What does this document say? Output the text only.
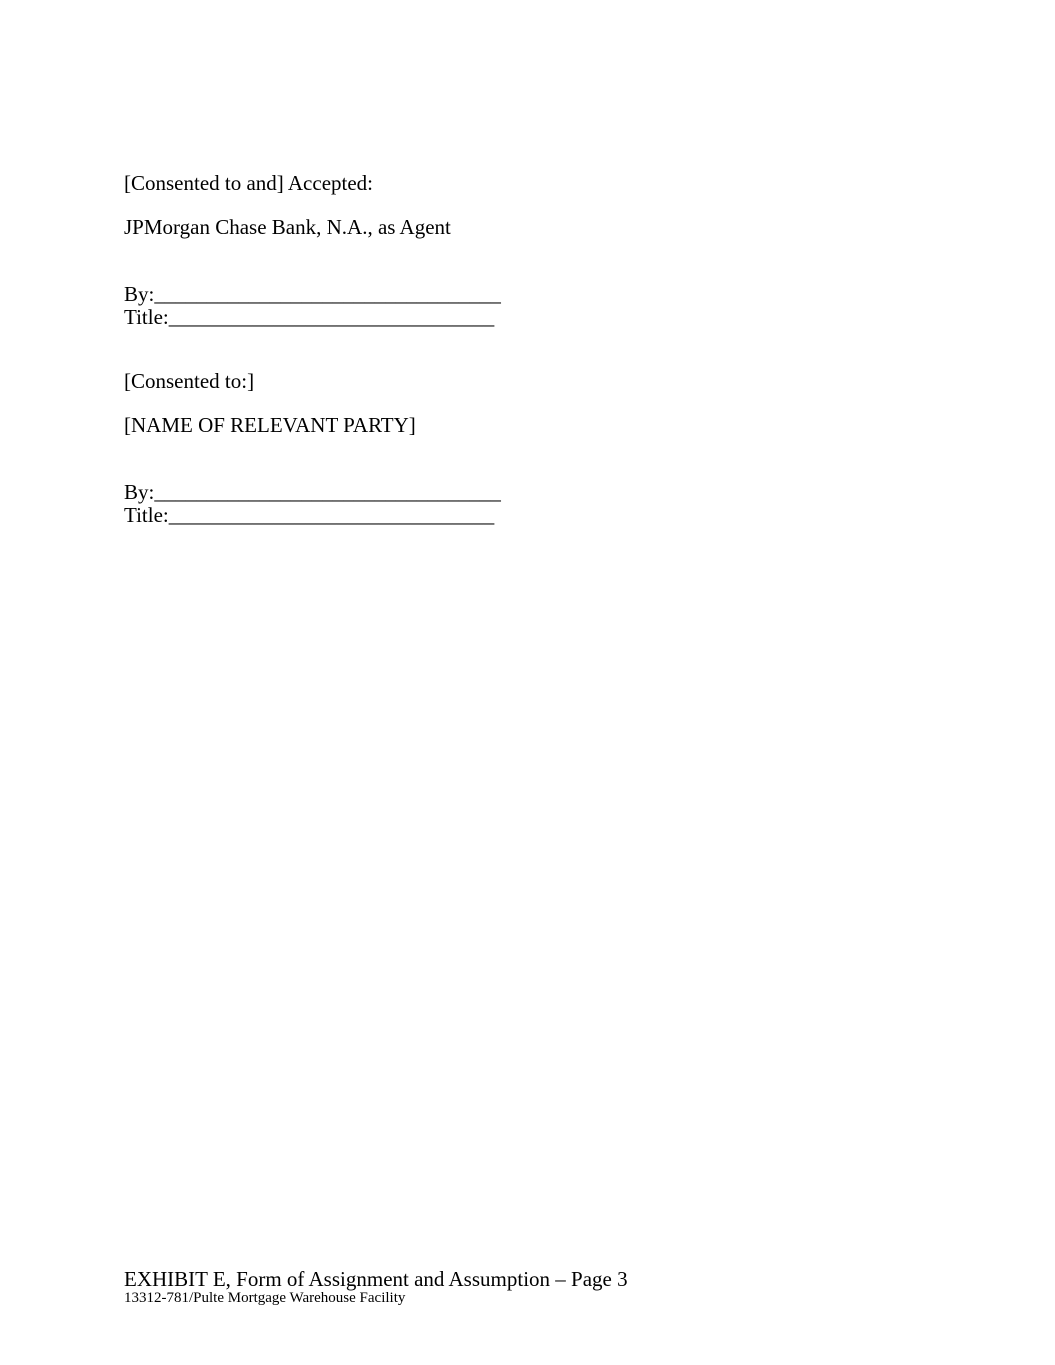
[Consented to and] Accepted:
JPMorgan Chase Bank, N.A., as Agent
By:_________________________________
Title:_______________________________
[Consented to:]
[NAME OF RELEVANT PARTY]
By:_________________________________
Title:_______________________________
EXHIBIT E, Form of Assignment and Assumption – Page 3
13312-781/Pulte Mortgage Warehouse Facility
